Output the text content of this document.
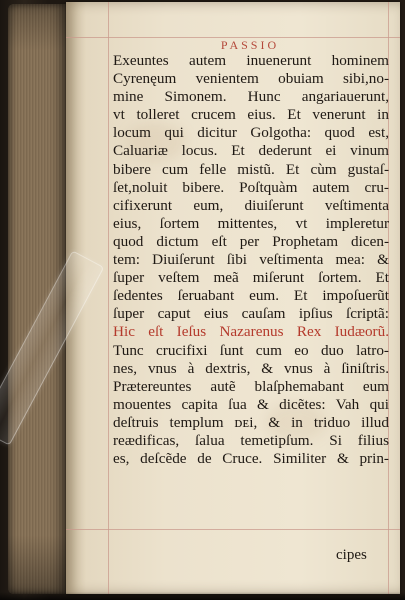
PASSIO
Exeuntes autem inuenerunt hominem
Cyrenęum venientem obuiam sibi,no-
mine Simonem. Hunc angariauerunt,
vt tolleret crucem eius. Et venerunt in
locum qui dicitur Golgotha: quod est,
Caluariæ locus. Et dederunt ei vinum
bibere cum felle mistũ. Et cùm gustaſ-
ſet,noluit bibere. Poſtquàm autem cru-
cifixerunt eum, diuiſerunt veſtimenta
eius, ſortem mittentes, vt impleretur
quod dictum eſt per Prophetam dicen-
tem: Diuiſerunt ſibi veſtimenta mea: &
ſuper veſtem meã miſerunt ſortem. Et
ſedentes ſeruabant eum. Et impoſuerũt
ſuper caput eius cauſam ipſius ſcriptã:
Hic eſt Ieſus Nazarenus Rex Iudæorũ.
Tunc crucifixi ſunt cum eo duo latro-
nes, vnus à dextris, & vnus à ſiniſtris.
Prætereuntes autẽ blaſphemabant eum
mouentes capita ſua & dicẽtes: Vah qui
deſtruis templum ᴅᴇi, & in triduo illud
reædificas, ſalua temetipſum. Si filius
es, deſcẽde de Cruce. Similiter & prin-
cipes
